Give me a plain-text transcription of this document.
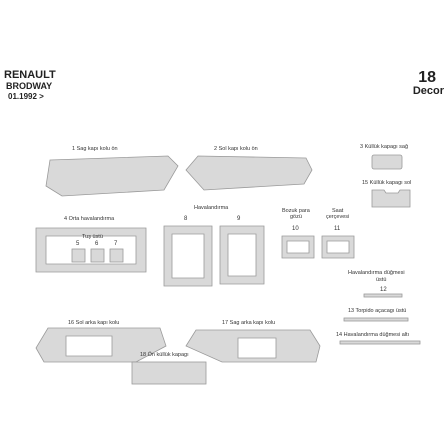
RENAULT
BRODWAY
01.1992 >
18
Decor
1 Sag kapı kolu ön	2 Sol kapı kolu ön	3 Küllük kapagı sağ
15 Küllük kapagı sol
Havalandırma
8	9
Bozuk para
gözü
Saat
çerçevesi
10	11
4 Orta havalandırma
Tuş üstü
5	6	7
Havalandırma düğmesi
üstü
12
13 Torpido açacagı üstü
14 Havalandırma düğmesi altı
16 Sol arka kapı kolu	17 Sag arka kapı kolu
18 Ön küllük kapagı
